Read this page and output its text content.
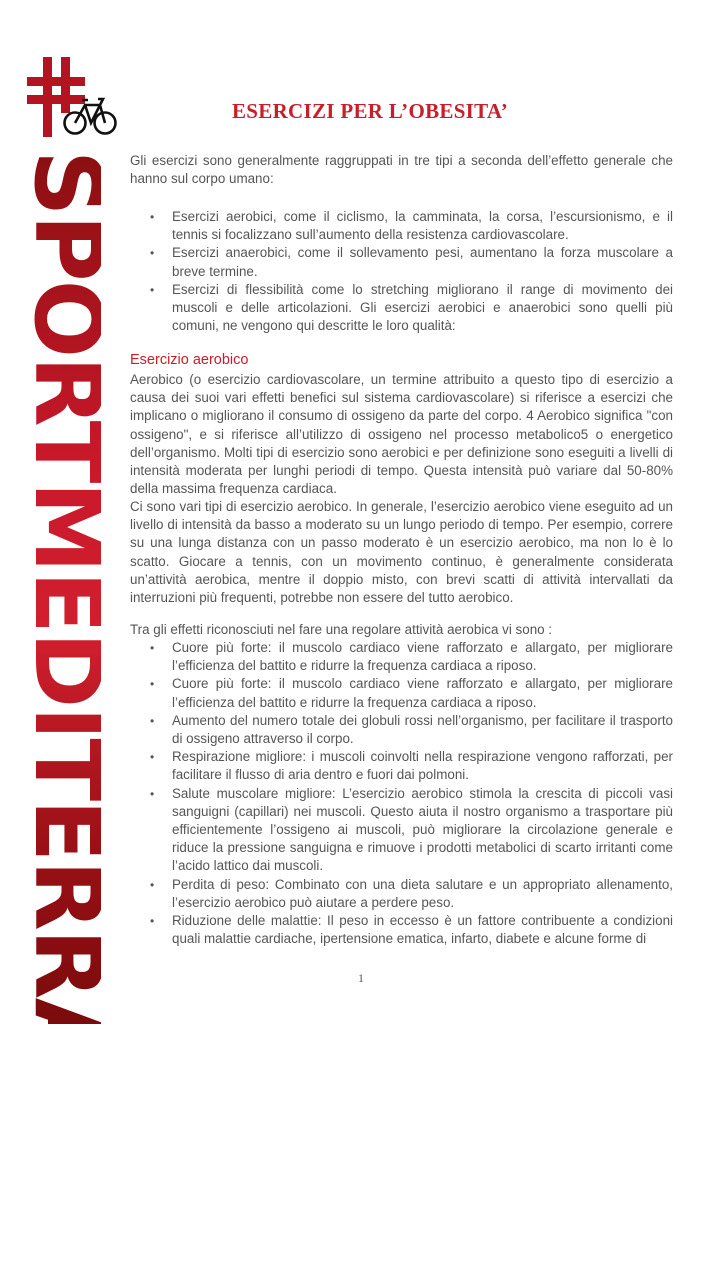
SPORTMEDITERRANEA
ESERCIZI PER L’OBESITA’

Gli esercizi sono generalmente raggruppati in tre tipi a seconda dell’effetto generale che hanno sul corpo umano:

• Esercizi aerobici, come il ciclismo, la camminata, la corsa, l’escursionismo, e il tennis si focalizzano sull’aumento della resistenza cardiovascolare.
• Esercizi anaerobici, come il sollevamento pesi, aumentano la forza muscolare a breve termine.
• Esercizi di flessibilità come lo stretching migliorano il range di movimento dei muscoli e delle articolazioni. Gli esercizi aerobici e anaerobici sono quelli più comuni, ne vengono qui descritte le loro qualità:
Esercizio aerobico

Aerobico (o esercizio cardiovascolare, un termine attribuito a questo tipo di esercizio a causa dei suoi vari effetti benefici sul sistema cardiovascolare) si riferisce a esercizi che implicano o migliorano il consumo di ossigeno da parte del corpo. 4 Aerobico significa "con ossigeno", e si riferisce all’utilizzo di ossigeno nel processo metabolico5 o energetico dell’organismo. Molti tipi di esercizio sono aerobici e per definizione sono eseguiti a livelli di intensità moderata per lunghi periodi di tempo. Questa intensità può variare dal 50-80% della massima frequenza cardiaca.

Ci sono vari tipi di esercizio aerobico. In generale, l’esercizio aerobico viene eseguito ad un livello di intensità da basso a moderato su un lungo periodo di tempo. Per esempio, correre su una lunga distanza con un passo moderato è un esercizio aerobico, ma non lo è lo scatto. Giocare a tennis, con un movimento continuo, è generalmente considerata un’attività aerobica, mentre il doppio misto, con brevi scatti di attività intervallati da interruzioni più frequenti, potrebbe non essere del tutto aerobico.

Tra gli effetti riconosciuti nel fare una regolare attività aerobica vi sono :

• Cuore più forte: il muscolo cardiaco viene rafforzato e allargato, per migliorare l’efficienza del battito e ridurre la frequenza cardiaca a riposo.
• Cuore più forte: il muscolo cardiaco viene rafforzato e allargato, per migliorare l’efficienza del battito e ridurre la frequenza cardiaca a riposo.
• Aumento del numero totale dei globuli rossi nell’organismo, per facilitare il trasporto di ossigeno attraverso il corpo.
• Respirazione migliore: i muscoli coinvolti nella respirazione vengono rafforzati, per facilitare il flusso di aria dentro e fuori dai polmoni.
• Salute muscolare migliore: L’esercizio aerobico stimola la crescita di piccoli vasi sanguigni (capillari) nei muscoli. Questo aiuta il nostro organismo a trasportare più efficientemente l’ossigeno ai muscoli, può migliorare la circolazione generale e riduce la pressione sanguigna e rimuove i prodotti metabolici di scarto irritanti come l’acido lattico dai muscoli.
• Perdita di peso: Combinato con una dieta salutare e un appropriato allenamento, l’esercizio aerobico può aiutare a perdere peso.
• Riduzione delle malattie: Il peso in eccesso è un fattore contribuente a condizioni quali malattie cardiache, ipertensione ematica, infarto, diabete e alcune forme di
1
